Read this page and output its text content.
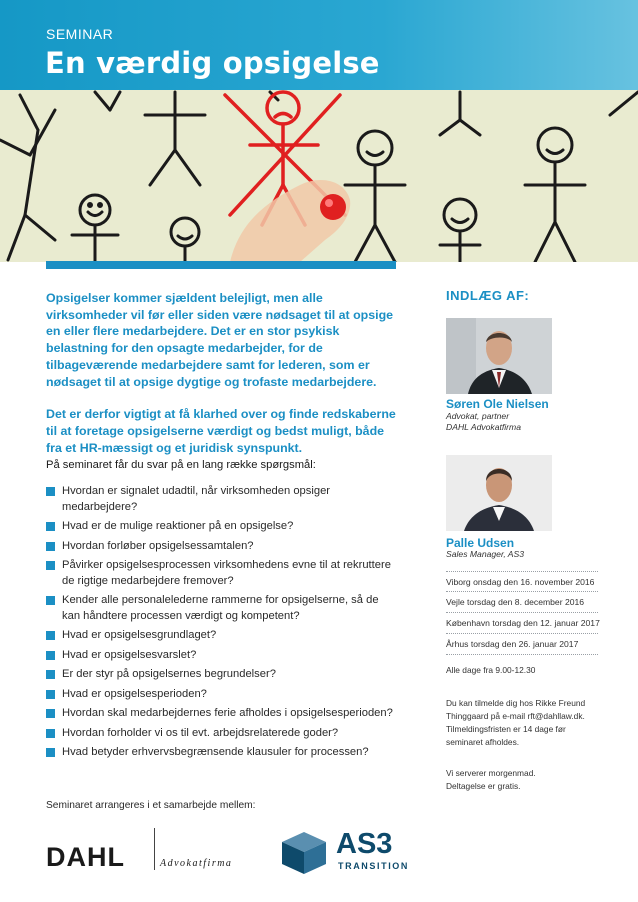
SEMINAR
En værdig opsigelse

Opsigelser kommer sjældent belejligt, men alle virksomheder vil før eller siden være nødsaget til at opsige en eller flere medarbejdere. Det er en stor psykisk belastning for den opsagte medarbejder, for de tilbageværende medarbejdere samt for lederen, som er nødsaget til at opsige dygtige og trofaste medarbejdere.

Det er derfor vigtigt at få klarhed over og finde redskaberne til at foretage opsigelserne værdigt og bedst muligt, både fra et HR-mæssigt og et juridisk synspunkt.

På seminaret får du svar på en lang række spørgsmål:
Hvordan er signalet udadtil, når virksomheden opsiger medarbejdere?
Hvad er de mulige reaktioner på en opsigelse?
Hvordan forløber opsigelsessamtalen?
Påvirker opsigelsesprocessen virksomhedens evne til at rekruttere de rigtige medarbejdere fremover?
Kender alle personalelederne rammerne for opsigelserne, så de kan håndtere processen værdigt og kompetent?
Hvad er opsigelsesgrundlaget?
Hvad er opsigelsesvarslet?
Er der styr på opsigelsernes begrundelser?
Hvad er opsigelsesperioden?
Hvordan skal medarbejdernes ferie afholdes i opsigelsesperioden?
Hvordan forholder vi os til evt. arbejdsrelaterede goder?
Hvad betyder erhvervsbegrænsende klausuler for processen?
Seminaret arrangeres i et samarbejde mellem:
DAHL	Advokatfirma
AS3
TRANSITION
INDLÆG AF:
Søren Ole Nielsen
Advokat, partner
DAHL Advokatfirma
Palle Udsen
Sales Manager, AS3
Viborg onsdag den 16. november 2016
Vejle torsdag den 8. december 2016
København torsdag den 12. januar 2017
Århus torsdag den 26. januar 2017
Alle dage fra 9.00-12.30
Du kan tilmelde dig hos Rikke Freund Thinggaard på e-mail rft@dahllaw.dk. Tilmeldingsfristen er 14 dage før seminaret afholdes.
Vi serverer morgenmad.
Deltagelse er gratis.
